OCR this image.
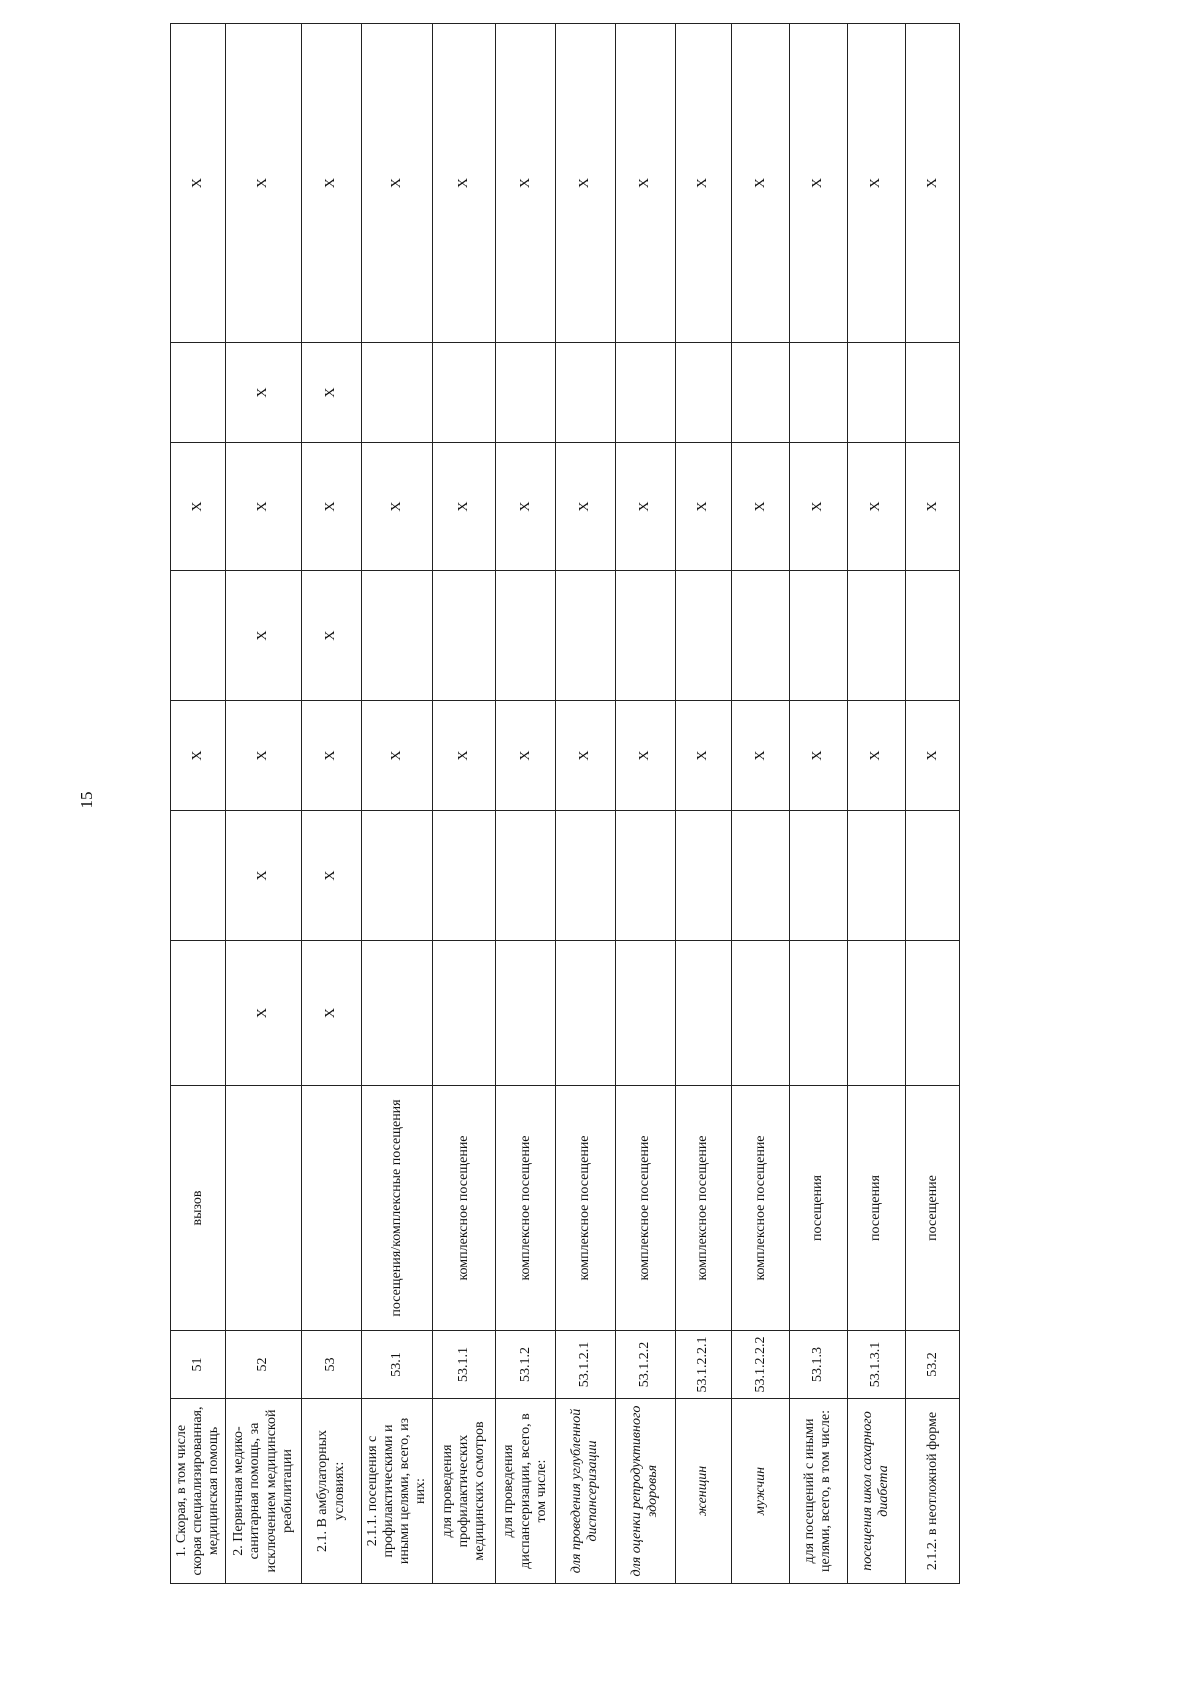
15
1. Скорая, в том числе скорая специализированная, медицинская помощь	51	вызов			X		X		X
2. Первичная медико-санитарная помощь, за исключением медицинской реабилитации	52		X	X	X	X	X	X	X
2.1. В амбулаторных условиях:	53		X	X	X	X	X	X	X
2.1.1. посещения с профилактическими и иными целями, всего, из них:	53.1	посещения/комплексные посещения			X		X		X
для проведения профилактических медицинских осмотров	53.1.1	комплексное посещение			X		X		X
для проведения диспансеризации, всего, в том числе:	53.1.2	комплексное посещение			X		X		X
для проведения углубленной диспансеризации	53.1.2.1	комплексное посещение			X		X		X
для оценки репродуктивного здоровья	53.1.2.2	комплексное посещение			X		X		X
женщин	53.1.2.2.1	комплексное посещение			X		X		X
мужчин	53.1.2.2.2	комплексное посещение			X		X		X
для посещений с иными целями, всего, в том числе:	53.1.3	посещения			X		X		X
посещения школ сахарного диабета	53.1.3.1	посещения			X		X		X
2.1.2. в неотложной форме	53.2	посещение			X		X		X
